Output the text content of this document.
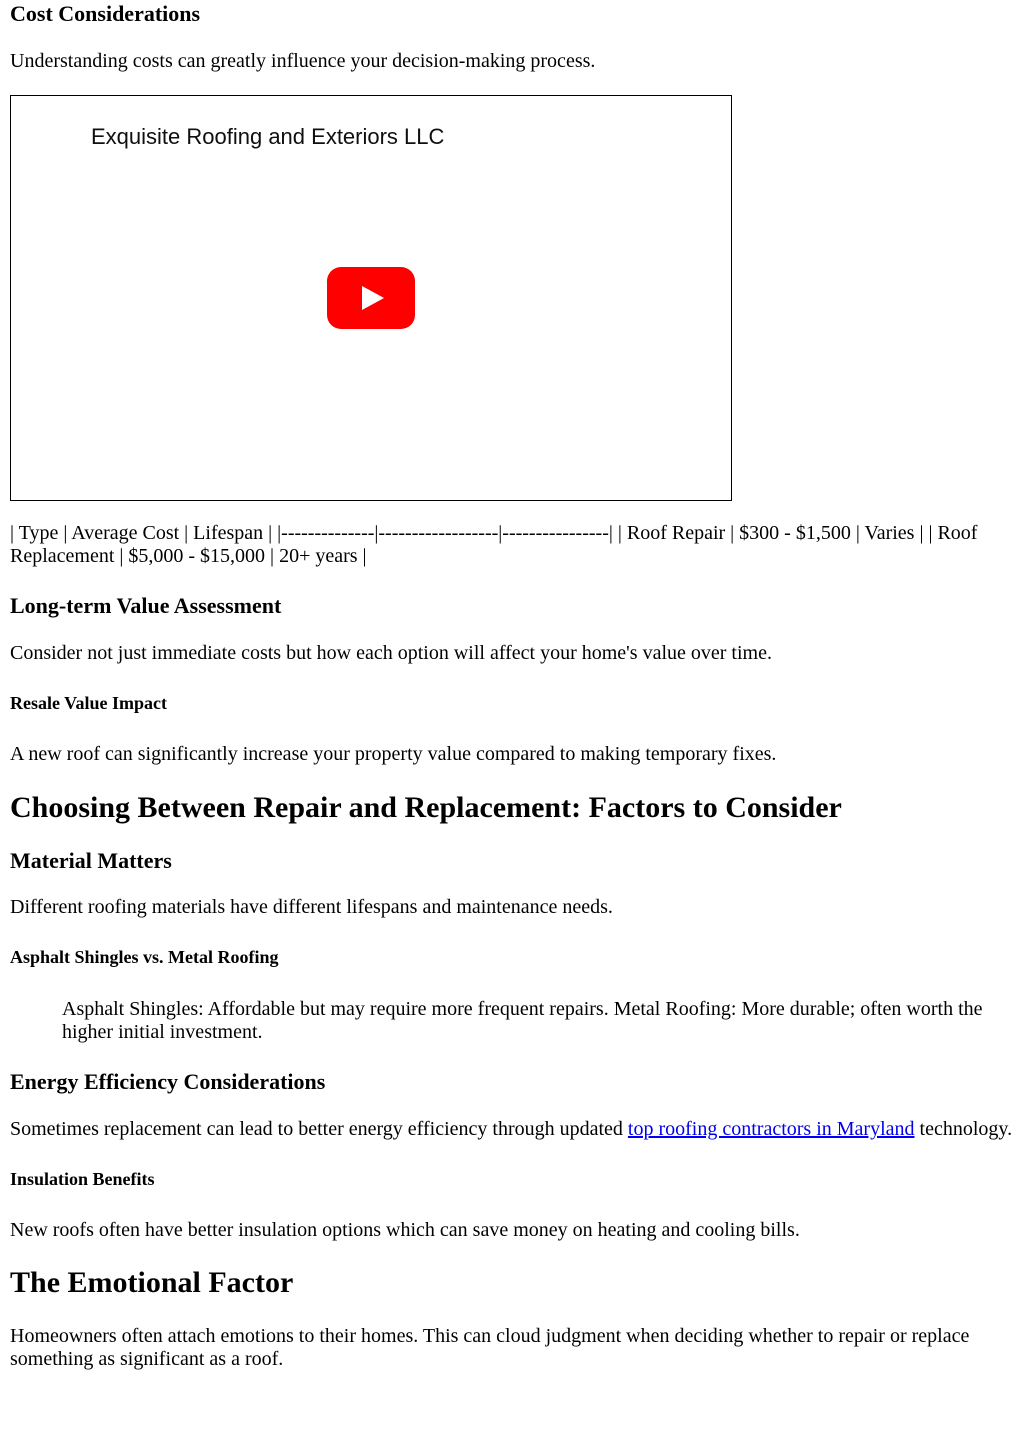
Cost Considerations

Understanding costs can greatly influence your decision-making process.

Exquisite Roofing and Exteriors LLC

| Type | Average Cost | Lifespan | |--------------|------------------|----------------| | Roof Repair | $300 - $1,500 | Varies | | Roof Replacement | $5,000 - $15,000 | 20+ years |

Long-term Value Assessment

Consider not just immediate costs but how each option will affect your home's value over time.

Resale Value Impact

A new roof can significantly increase your property value compared to making temporary fixes.

Choosing Between Repair and Replacement: Factors to Consider
Material Matters

Different roofing materials have different lifespans and maintenance needs.

Asphalt Shingles vs. Metal Roofing
Asphalt Shingles: Affordable but may require more frequent repairs. Metal Roofing: More durable; often worth the higher initial investment.
Energy Efficiency Considerations

Sometimes replacement can lead to better energy efficiency through updated top roofing contractors in Maryland technology.

Insulation Benefits

New roofs often have better insulation options which can save money on heating and cooling bills.

The Emotional Factor

Homeowners often attach emotions to their homes. This can cloud judgment when deciding whether to repair or replace something as significant as a roof.
